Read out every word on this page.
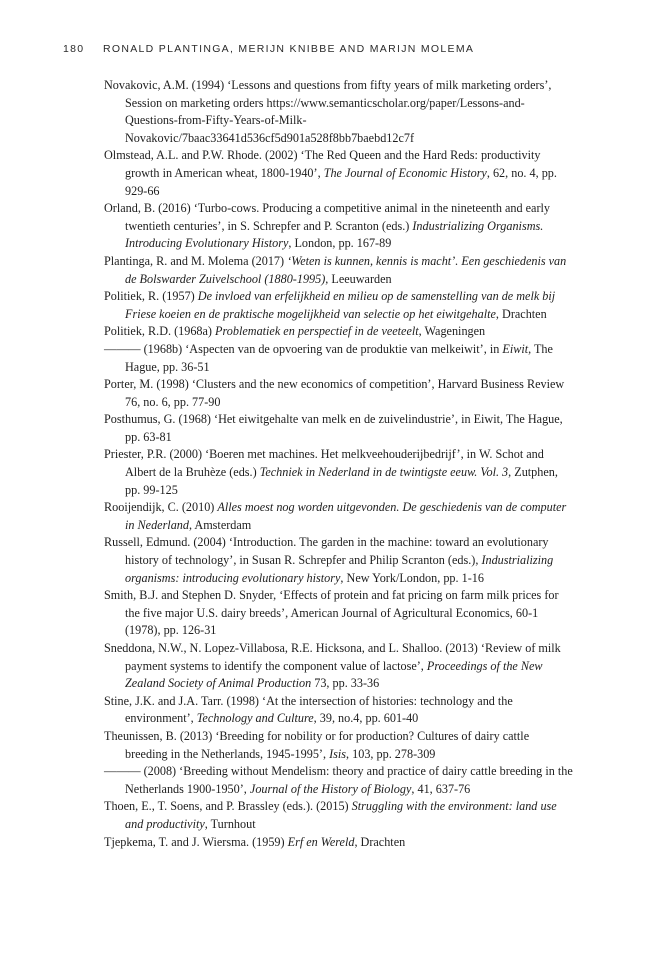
180 RONALD PLANTINGA, MERIJN KNIBBE AND MARIJN MOLEMA

Novakovic, A.M. (1994) ‘Lessons and questions from fifty years of milk marketing orders’, Session on marketing orders https://www.semanticscholar.org/paper/Lessons-and-Questions-from-Fifty-Years-of-Milk-Novakovic/7baac33641d536cf5d901a528f8bb7baebd12c7f

Olmstead, A.L. and P.W. Rhode. (2002) ‘The Red Queen and the Hard Reds: productivity growth in American wheat, 1800-1940’, The Journal of Economic History, 62, no. 4, pp. 929-66

Orland, B. (2016) ‘Turbo-cows. Producing a competitive animal in the nineteenth and early twentieth centuries’, in S. Schrepfer and P. Scranton (eds.) Industrializing Organisms. Introducing Evolutionary History, London, pp. 167-89

Plantinga, R. and M. Molema (2017) ‘Weten is kunnen, kennis is macht’. Een geschiedenis van de Bolswarder Zuivelschool (1880-1995), Leeuwarden

Politiek, R. (1957) De invloed van erfelijkheid en milieu op de samenstelling van de melk bij Friese koeien en de praktische mogelijkheid van selectie op het eiwitgehalte, Drachten

Politiek, R.D. (1968a) Problematiek en perspectief in de veeteelt, Wageningen

——— (1968b) ‘Aspecten van de opvoering van de produktie van melkeiwit’, in Eiwit, The Hague, pp. 36-51

Porter, M. (1998) ‘Clusters and the new economics of competition’, Harvard Business Review 76, no. 6, pp. 77-90

Posthumus, G. (1968) ‘Het eiwitgehalte van melk en de zuivelindustrie’, in Eiwit, The Hague, pp. 63-81

Priester, P.R. (2000) ‘Boeren met machines. Het melkveehouderijbedrijf’, in W. Schot and Albert de la Bruhèze (eds.) Techniek in Nederland in de twintigste eeuw. Vol. 3, Zutphen, pp. 99-125

Rooijendijk, C. (2010) Alles moest nog worden uitgevonden. De geschiedenis van de computer in Nederland, Amsterdam

Russell, Edmund. (2004) ‘Introduction. The garden in the machine: toward an evolutionary history of technology’, in Susan R. Schrepfer and Philip Scranton (eds.), Industrializing organisms: introducing evolutionary history, New York/London, pp. 1-16

Smith, B.J. and Stephen D. Snyder, ‘Effects of protein and fat pricing on farm milk prices for the five major U.S. dairy breeds’, American Journal of Agricultural Economics, 60-1 (1978), pp. 126-31

Sneddona, N.W., N. Lopez-Villabosa, R.E. Hicksona, and L. Shalloo. (2013) ‘Review of milk payment systems to identify the component value of lactose’, Proceedings of the New Zealand Society of Animal Production 73, pp. 33-36

Stine, J.K. and J.A. Tarr. (1998) ‘At the intersection of histories: technology and the environment’, Technology and Culture, 39, no.4, pp. 601-40

Theunissen, B. (2013) ‘Breeding for nobility or for production? Cultures of dairy cattle breeding in the Netherlands, 1945-1995’, Isis, 103, pp. 278-309

——— (2008) ‘Breeding without Mendelism: theory and practice of dairy cattle breeding in the Netherlands 1900-1950’, Journal of the History of Biology, 41, 637-76

Thoen, E., T. Soens, and P. Brassley (eds.). (2015) Struggling with the environment: land use and productivity, Turnhout

Tjepkema, T. and J. Wiersma. (1959) Erf en Wereld, Drachten
